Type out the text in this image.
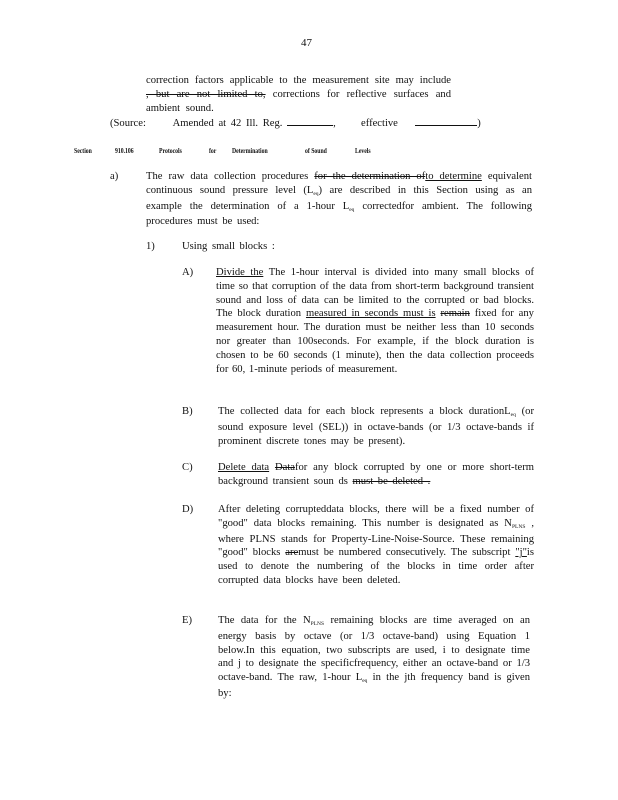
47
correction factors applicable to the measurement site may include , but are not limited to, corrections for reflective surfaces and ambient sound.
(Source:	Amended at 42 Ill. Reg.	,  effective	)
Section	910.106	Protocols	for Determination	of Sound	Levels
a)	The raw data collection procedures for the determination ofto determine equivalent continuous sound pressure level (Leq) are described in this Section using as an example the determination of a 1-hour Leq correctedfor ambient. The following procedures must be used:
1)	Using small blocks :
A) Divide the The 1-hour interval is divided into many small blocks of time so that corruption of the data from short-term background transient sound and loss of data can be limited to the corrupted or bad blocks. The block duration measured in seconds must is remain fixed for any measurement hour. The duration must be neither less than 10 seconds nor greater than 100seconds. For example, if the block duration is chosen to be 60 seconds (1 minute), then the data collection proceeds for 60, 1-minute periods of measurement.
B) The collected data for each block represents a block durationLeq (or sound exposure level (SEL)) in octave-bands (or 1/3 octave-bands if prominent discrete tones may be present).
C) Delete data Datafor any block corrupted by one or more short-term background transient soun ds must be deleted .
D) After deleting corrupteddata blocks, there will be a fixed number of "good" data blocks remaining. This number is designated as NPLNS , where PLNS stands for Property-Line-Noise-Source. These remaining "good" blocks aremust be numbered consecutively. The subscript "j"is used to denote the numbering of the blocks in time order after corrupted data blocks have been deleted.
E) The data for the NPLNS remaining blocks are time averaged on an energy basis by octave (or 1/3 octave-band) using Equation 1 below.In this equation, two subscripts are used, i to designate time and j to designate the specificfrequency, either an octave-band or 1/3 octave-band. The raw, 1-hour Leq in the jth frequency band is given by:
